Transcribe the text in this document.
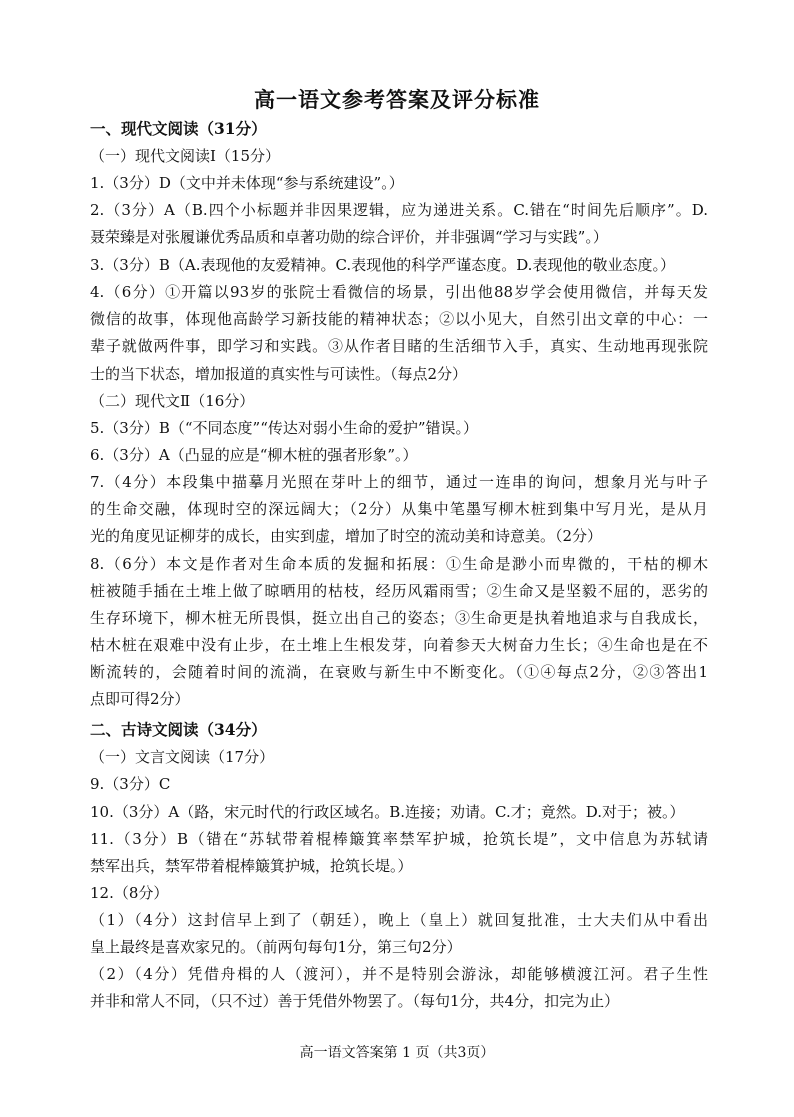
高一语文参考答案及评分标准
一、现代文阅读（31分）
（一）现代文阅读Ⅰ（15分）
1.（3分）D（文中并未体现“参与系统建设”。）
2.（3分）A（B.四个小标题并非因果逻辑，应为递进关系。C.错在“时间先后顺序”。D.
聂荣臻是对张履谦优秀品质和卓著功勋的综合评价，并非强调“学习与实践”。）
3.（3分）B（A.表现他的友爱精神。C.表现他的科学严谨态度。D.表现他的敬业态度。）
4.（6分）①开篇以93岁的张院士看微信的场景，引出他88岁学会使用微信，并每天发
微信的故事，体现他高龄学习新技能的精神状态；②以小见大，自然引出文章的中心：一
辈子就做两件事，即学习和实践。③从作者目睹的生活细节入手，真实、生动地再现张院
士的当下状态，增加报道的真实性与可读性。（每点2分）
（二）现代文Ⅱ（16分）
5.（3分）B（“不同态度”“传达对弱小生命的爱护”错误。）
6.（3分）A（凸显的应是“柳木桩的强者形象”。）
7.（4分）本段集中描摹月光照在芽叶上的细节，通过一连串的询问，想象月光与叶子
的生命交融，体现时空的深远阔大；（2分）从集中笔墨写柳木桩到集中写月光，是从月
光的角度见证柳芽的成长，由实到虚，增加了时空的流动美和诗意美。（2分）
8.（6分）本文是作者对生命本质的发掘和拓展：①生命是渺小而卑微的，干枯的柳木
桩被随手插在土堆上做了晾晒用的枯枝，经历风霜雨雪；②生命又是坚毅不屈的，恶劣的
生存环境下，柳木桩无所畏惧，挺立出自己的姿态；③生命更是执着地追求与自我成长，
枯木桩在艰难中没有止步，在土堆上生根发芽，向着参天大树奋力生长；④生命也是在不
断流转的，会随着时间的流淌，在衰败与新生中不断变化。（①④每点2分，②③答出1
点即可得2分）
二、古诗文阅读（34分）
（一）文言文阅读（17分）
9.（3分）C
10.（3分）A（路，宋元时代的行政区域名。B.连接；劝请。C.才；竟然。D.对于；被。）
11.（3分）B（错在“苏轼带着棍棒簸箕率禁军护城，抢筑长堤”，文中信息为苏轼请
禁军出兵，禁军带着棍棒簸箕护城，抢筑长堤。）
12.（8分）
（1）（4分）这封信早上到了（朝廷），晚上（皇上）就回复批准，士大夫们从中看出
皇上最终是喜欢家兄的。（前两句每句1分，第三句2分）
（2）（4分）凭借舟楫的人（渡河），并不是特别会游泳，却能够横渡江河。君子生性
并非和常人不同，（只不过）善于凭借外物罢了。（每句1分，共4分，扣完为止）
高一语文答案第 1 页（共3页）
